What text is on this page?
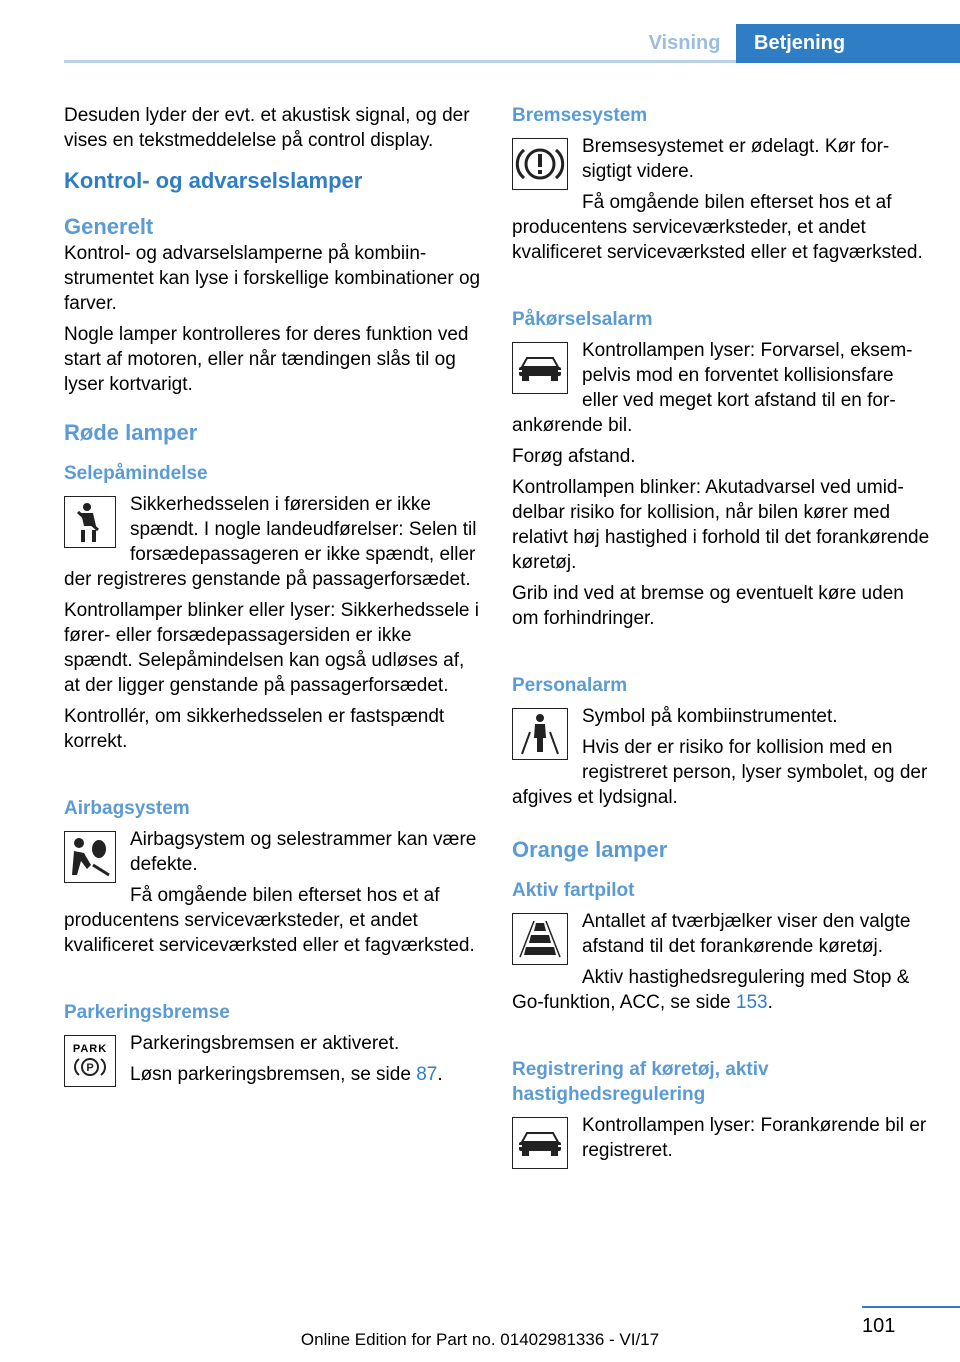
Visning	Betjening

Desuden lyder der evt. et akustisk signal, og der vises en tekstmeddelelse på control display.

Kontrol- og advarselslamper
Generelt

Kontrol- og advarselslamperne på kombiinstrumentet kan lyse i forskellige kombinationer og farver.

Nogle lamper kontrolleres for deres funktion ved start af motoren, eller når tændingen slås til og lyser kortvarigt.

Røde lamper
Selepåmindelse

Sikkerhedsselen i førersiden er ikke spændt. I nogle landeudførelser: Selen til forsædepassageren er ikke spændt, eller der registreres genstande på passagerforsædet.

Kontrollamper blinker eller lyser: Sikkerhedssele i fører- eller forsædepassagersiden er ikke spændt. Selepåmindelsen kan også udløses af, at der ligger genstande på passagerforsædet.

Kontrollér, om sikkerhedsselen er fastspændt korrekt.

Airbagsystem

Airbagsystem og selestrammer kan være defekte.

Få omgående bilen efterset hos et af producentens serviceværksteder, et andet kvalificeret serviceværksted eller et fagværksted.

Parkeringsbremse
PARK
P

Parkeringsbremsen er aktiveret.

Løsn parkeringsbremsen, se side 87.

Bremsesystem

Bremsesystemet er ødelagt. Kør forsigtigt videre.

Få omgående bilen efterset hos et af producentens serviceværksteder, et andet kvalificeret serviceværksted eller et fagværksted.

Påkørselsalarm

Kontrollampen lyser: Forvarsel, eksempelvis mod en forventet kollisionsfare eller ved meget kort afstand til en forankørende bil.

Forøg afstand.

Kontrollampen blinker: Akutadvarsel ved umiddelbar risiko for kollision, når bilen kører med relativt høj hastighed i forhold til det forankørende køretøj.

Grib ind ved at bremse og eventuelt køre uden om forhindringer.

Personalarm

Symbol på kombiinstrumentet.

Hvis der er risiko for kollision med en registreret person, lyser symbolet, og der afgives et lydsignal.

Orange lamper
Aktiv fartpilot

Antallet af tværbjælker viser den valgte afstand til det forankørende køretøj.

Aktiv hastighedsregulering med Stop & Go-funktion, ACC, se side 153.

Registrering af køretøj, aktiv hastighedsregulering

Kontrollampen lyser: Forankørende bil er registreret.

101
Online Edition for Part no. 01402981336 - VI/17
